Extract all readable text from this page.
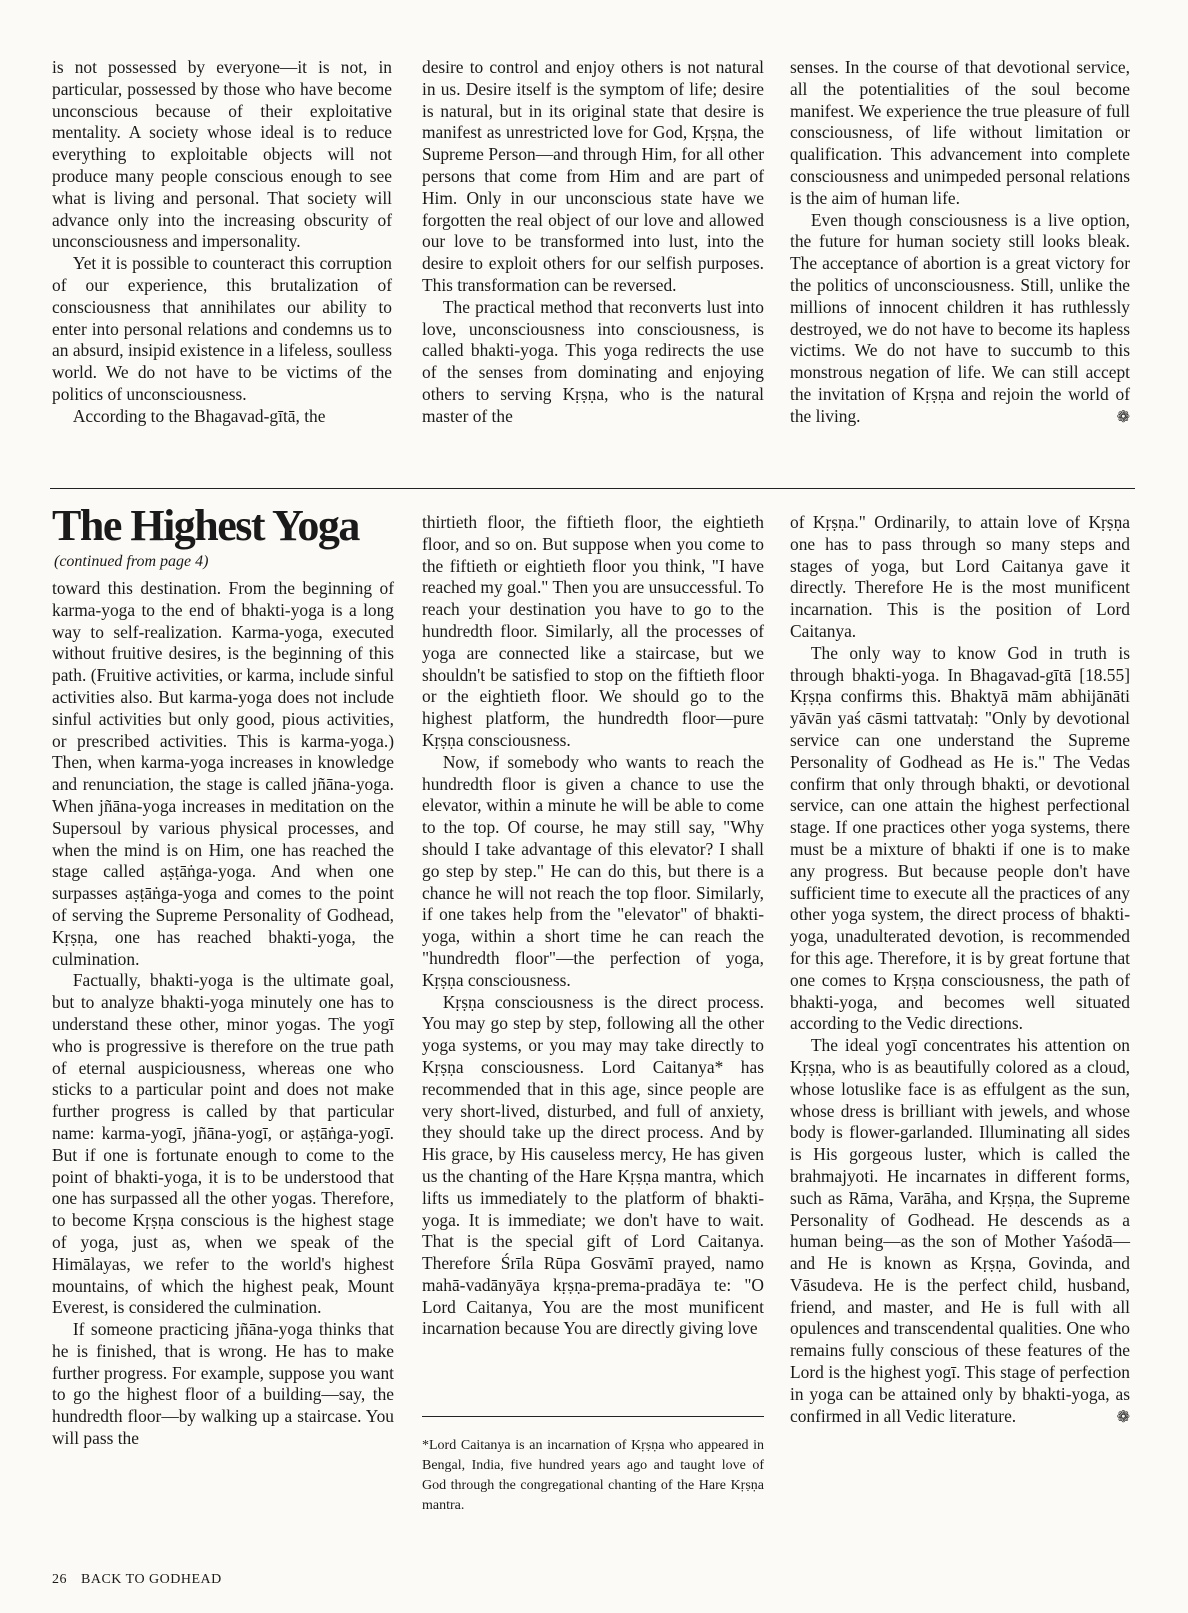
is not possessed by everyone—it is not, in particular, possessed by those who have become unconscious because of their exploitative mentality. A society whose ideal is to reduce everything to exploitable objects will not produce many people conscious enough to see what is living and personal. That society will advance only into the increasing obscurity of unconsciousness and impersonality.

Yet it is possible to counteract this corruption of our experience, this brutalization of consciousness that annihilates our ability to enter into personal relations and condemns us to an absurd, insipid existence in a lifeless, soulless world. We do not have to be victims of the politics of unconsciousness.

According to the Bhagavad-gītā, the

desire to control and enjoy others is not natural in us. Desire itself is the symptom of life; desire is natural, but in its original state that desire is manifest as unrestricted love for God, Kṛṣṇa, the Supreme Person—and through Him, for all other persons that come from Him and are part of Him. Only in our unconscious state have we forgotten the real object of our love and allowed our love to be transformed into lust, into the desire to exploit others for our selfish purposes. This transformation can be reversed.

The practical method that reconverts lust into love, unconsciousness into consciousness, is called bhakti-yoga. This yoga redirects the use of the senses from dominating and enjoying others to serving Kṛṣṇa, who is the natural master of the

senses. In the course of that devotional service, all the potentialities of the soul become manifest. We experience the true pleasure of full consciousness, of life without limitation or qualification. This advancement into complete consciousness and unimpeded personal relations is the aim of human life.

Even though consciousness is a live option, the future for human society still looks bleak. The acceptance of abortion is a great victory for the politics of unconsciousness. Still, unlike the millions of innocent children it has ruthlessly destroyed, we do not have to become its hapless victims. We do not have to succumb to this monstrous negation of life. We can still accept the invitation of Kṛṣṇa and rejoin the world of the living.	❁

The Highest Yoga
(continued from page 4)

toward this destination. From the beginning of karma-yoga to the end of bhakti-yoga is a long way to self-realization. Karma-yoga, executed without fruitive desires, is the beginning of this path. (Fruitive activities, or karma, include sinful activities also. But karma-yoga does not include sinful activities but only good, pious activities, or prescribed activities. This is karma-yoga.) Then, when karma-yoga increases in knowledge and renunciation, the stage is called jñāna-yoga. When jñāna-yoga increases in meditation on the Supersoul by various physical processes, and when the mind is on Him, one has reached the stage called aṣṭāṅga-yoga. And when one surpasses aṣṭāṅga-yoga and comes to the point of serving the Supreme Personality of Godhead, Kṛṣṇa, one has reached bhakti-yoga, the culmination.

Factually, bhakti-yoga is the ultimate goal, but to analyze bhakti-yoga minutely one has to understand these other, minor yogas. The yogī who is progressive is therefore on the true path of eternal auspiciousness, whereas one who sticks to a particular point and does not make further progress is called by that particular name: karma-yogī, jñāna-yogī, or aṣṭāṅga-yogī. But if one is fortunate enough to come to the point of bhakti-yoga, it is to be understood that one has surpassed all the other yogas. Therefore, to become Kṛṣṇa conscious is the highest stage of yoga, just as, when we speak of the Himālayas, we refer to the world's highest mountains, of which the highest peak, Mount Everest, is considered the culmination.

If someone practicing jñāna-yoga thinks that he is finished, that is wrong. He has to make further progress. For example, suppose you want to go the highest floor of a building—say, the hundredth floor—by walking up a staircase. You will pass the

thirtieth floor, the fiftieth floor, the eightieth floor, and so on. But suppose when you come to the fiftieth or eightieth floor you think, "I have reached my goal." Then you are unsuccessful. To reach your destination you have to go to the hundredth floor. Similarly, all the processes of yoga are connected like a staircase, but we shouldn't be satisfied to stop on the fiftieth floor or the eightieth floor. We should go to the highest platform, the hundredth floor—pure Kṛṣṇa consciousness.

Now, if somebody who wants to reach the hundredth floor is given a chance to use the elevator, within a minute he will be able to come to the top. Of course, he may still say, "Why should I take advantage of this elevator? I shall go step by step." He can do this, but there is a chance he will not reach the top floor. Similarly, if one takes help from the "elevator" of bhakti-yoga, within a short time he can reach the "hundredth floor"—the perfection of yoga, Kṛṣṇa consciousness.

Kṛṣṇa consciousness is the direct process. You may go step by step, following all the other yoga systems, or you may may take directly to Kṛṣṇa consciousness. Lord Caitanya* has recommended that in this age, since people are very short-lived, disturbed, and full of anxiety, they should take up the direct process. And by His grace, by His causeless mercy, He has given us the chanting of the Hare Kṛṣṇa mantra, which lifts us immediately to the platform of bhakti-yoga. It is immediate; we don't have to wait. That is the special gift of Lord Caitanya. Therefore Śrīla Rūpa Gosvāmī prayed, namo mahā-vadānyāya kṛṣṇa-prema-pradāya te: "O Lord Caitanya, You are the most munificent incarnation because You are directly giving love

of Kṛṣṇa." Ordinarily, to attain love of Kṛṣṇa one has to pass through so many steps and stages of yoga, but Lord Caitanya gave it directly. Therefore He is the most munificent incarnation. This is the position of Lord Caitanya.

The only way to know God in truth is through bhakti-yoga. In Bhagavad-gītā [18.55] Kṛṣṇa confirms this. Bhaktyā mām abhijānāti yāvān yaś cāsmi tattvataḥ: "Only by devotional service can one understand the Supreme Personality of Godhead as He is." The Vedas confirm that only through bhakti, or devotional service, can one attain the highest perfectional stage. If one practices other yoga systems, there must be a mixture of bhakti if one is to make any progress. But because people don't have sufficient time to execute all the practices of any other yoga system, the direct process of bhakti-yoga, unadulterated devotion, is recommended for this age. Therefore, it is by great fortune that one comes to Kṛṣṇa consciousness, the path of bhakti-yoga, and becomes well situated according to the Vedic directions.

The ideal yogī concentrates his attention on Kṛṣṇa, who is as beautifully colored as a cloud, whose lotuslike face is as effulgent as the sun, whose dress is brilliant with jewels, and whose body is flower-garlanded. Illuminating all sides is His gorgeous luster, which is called the brahmajyoti. He incarnates in different forms, such as Rāma, Varāha, and Kṛṣṇa, the Supreme Personality of Godhead. He descends as a human being—as the son of Mother Yaśodā—and He is known as Kṛṣṇa, Govinda, and Vāsudeva. He is the perfect child, husband, friend, and master, and He is full with all opulences and transcendental qualities. One who remains fully conscious of these features of the Lord is the highest yogī. This stage of perfection in yoga can be attained only by bhakti-yoga, as confirmed in all Vedic literature.	❁

*Lord Caitanya is an incarnation of Kṛṣṇa who appeared in Bengal, India, five hundred years ago and taught love of God through the congregational chanting of the Hare Kṛṣṇa mantra.
26 BACK TO GODHEAD
